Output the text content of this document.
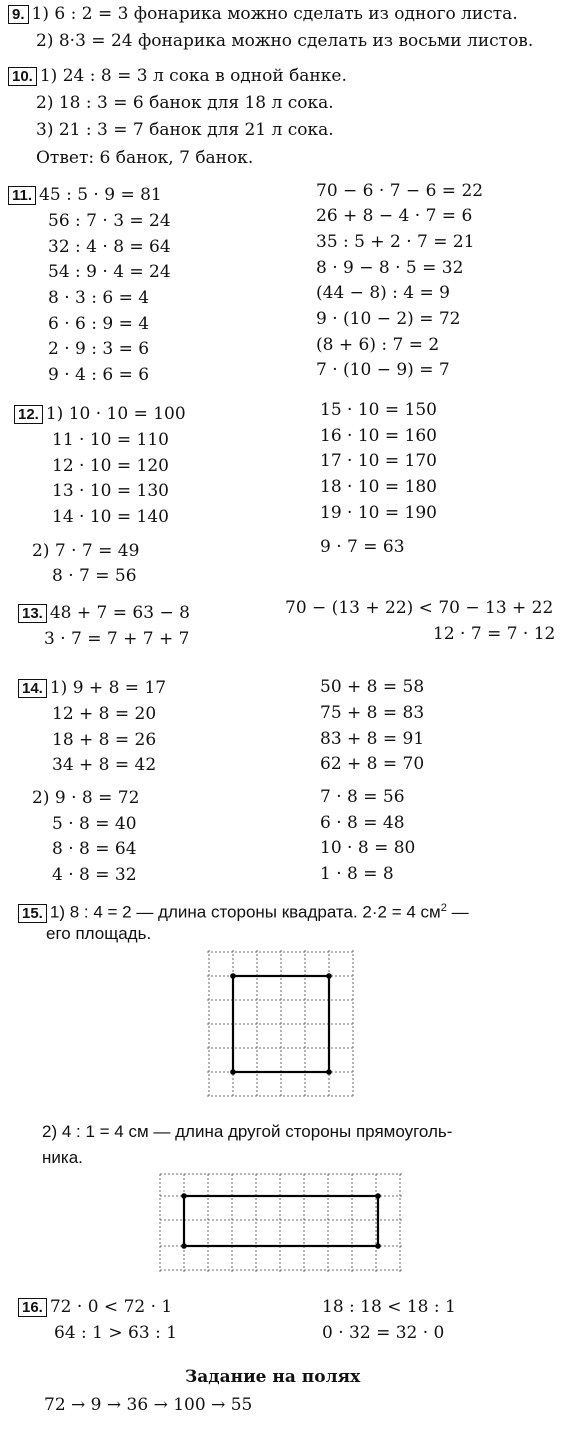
9. 1) 6 : 2 = 3 фонарика можно сделать из одного листа.
2) 8·3 = 24 фонарика можно сделать из восьми листов.
10. 1) 24 : 8 = 3 л сока в одной банке.
2) 18 : 3 = 6 банок для 18 л сока.
3) 21 : 3 = 7 банок для 21 л сока.
Ответ: 6 банок, 7 банок.
11. 45 : 5 · 9 = 81
56 : 7 · 3 = 24
32 : 4 · 8 = 64
54 : 9 · 4 = 24
8 · 3 : 6 = 4
6 · 6 : 9 = 4
2 · 9 : 3 = 6
9 · 4 : 6 = 6
70 − 6 · 7 − 6 = 22
26 + 8 − 4 · 7 = 6
35 : 5 + 2 · 7 = 21
8 · 9 − 8 · 5 = 32
(44 − 8) : 4 = 9
9 · (10 − 2) = 72
(8 + 6) : 7 = 2
7 · (10 − 9) = 7
12. 1) 10 · 10 = 100
11 · 10 = 110
12 · 10 = 120
13 · 10 = 130
14 · 10 = 140
15 · 10 = 150
16 · 10 = 160
17 · 10 = 170
18 · 10 = 180
19 · 10 = 190
2) 7 · 7 = 49
8 · 7 = 56
9 · 7 = 63
13. 48 + 7 = 63 − 8
3 · 7 = 7 + 7 + 7
70 − (13 + 22) < 70 − 13 + 22
12 · 7 = 7 · 12
14. 1) 9 + 8 = 17
12 + 8 = 20
18 + 8 = 26
34 + 8 = 42
50 + 8 = 58
75 + 8 = 83
83 + 8 = 91
62 + 8 = 70
2) 9 · 8 = 72
5 · 8 = 40
8 · 8 = 64
4 · 8 = 32
7 · 8 = 56
6 · 8 = 48
10 · 8 = 80
1 · 8 = 8
15. 1) 8 : 4 = 2 — длина стороны квадрата. 2·2 = 4 $см^2$ —
его площадь.
2) 4 : 1 = 4 см — длина другой стороны прямоуголь-
ника.
16. 72 · 0 < 72 · 1
64 : 1 > 63 : 1
18 : 18 < 18 : 1
0 · 32 = 32 · 0
Задание на полях
72 → 9 → 36 → 100 → 55
